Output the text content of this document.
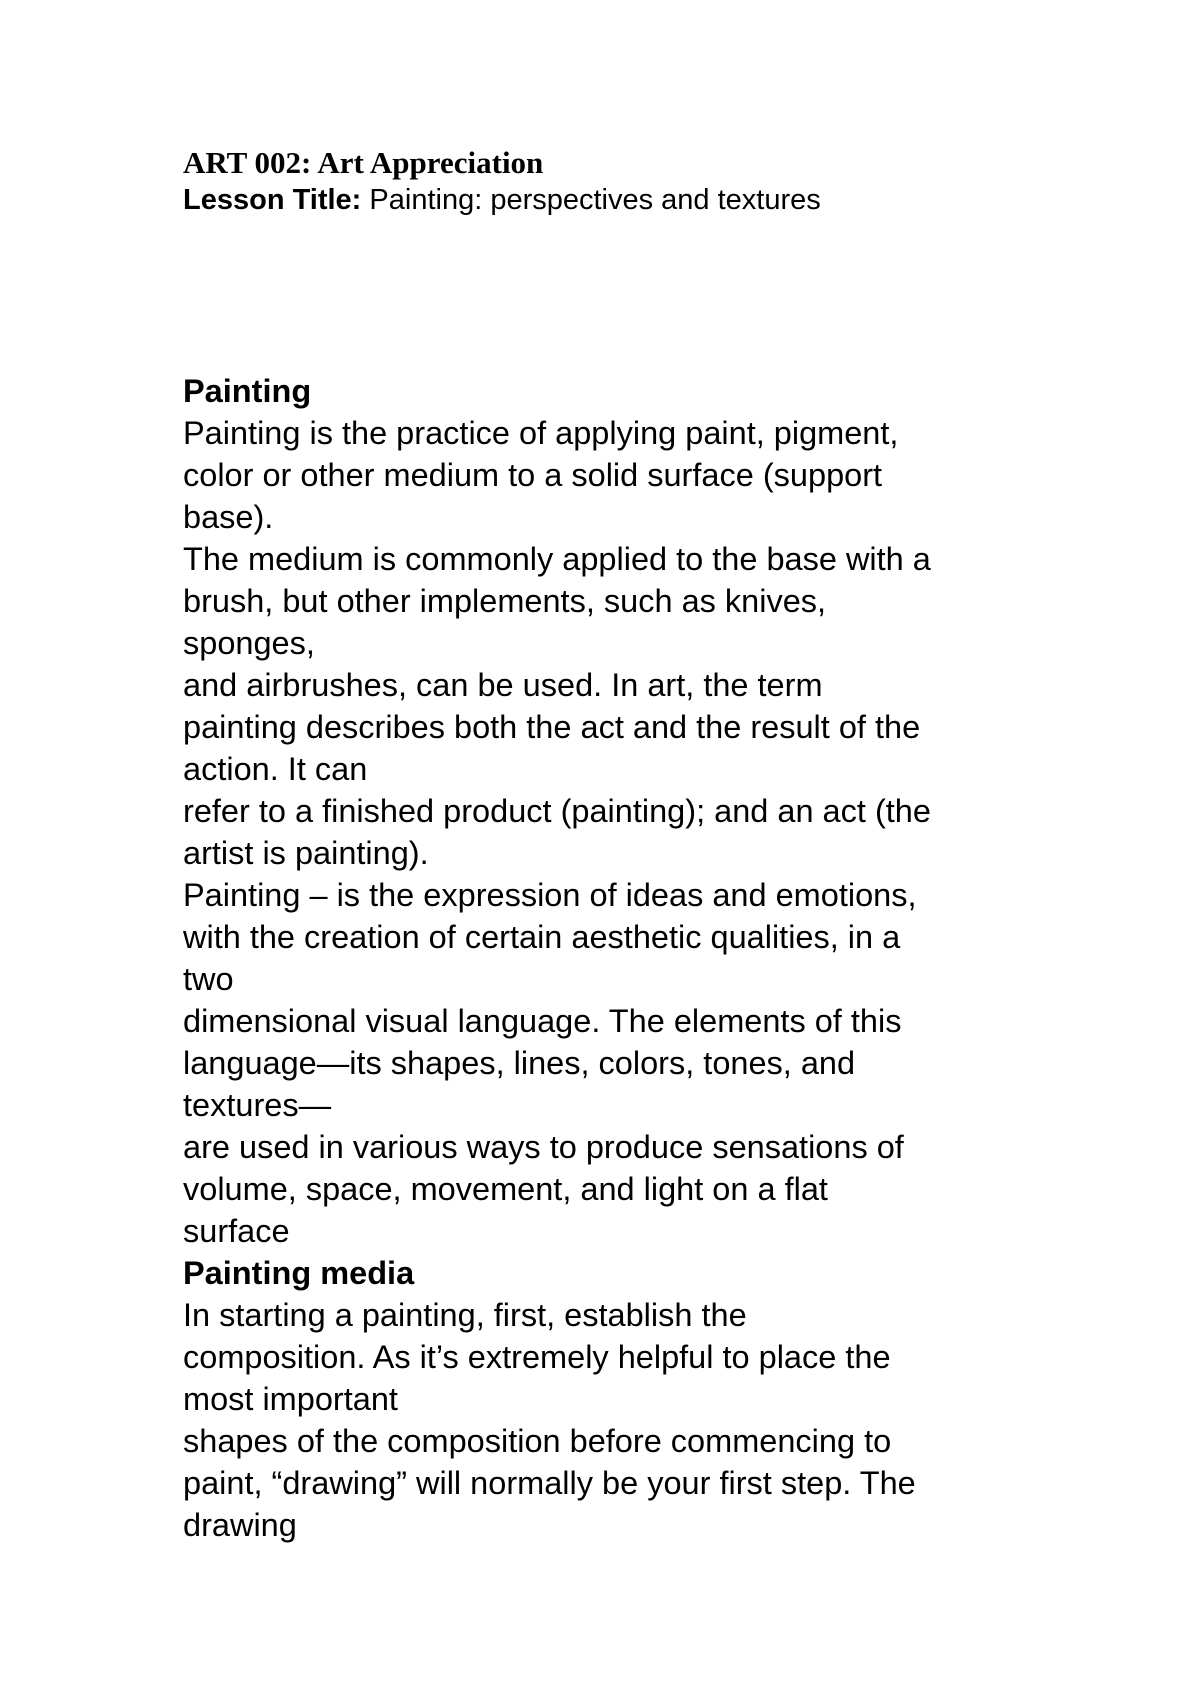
ART 002: Art Appreciation
Lesson Title: Painting: perspectives and textures
Painting
Painting is the practice of applying paint, pigment,
color or other medium to a solid surface (support
base).
The medium is commonly applied to the base with a
brush, but other implements, such as knives,
sponges,
and airbrushes, can be used. In art, the term
painting describes both the act and the result of the
action. It can
refer to a finished product (painting); and an act (the
artist is painting).
Painting – is the expression of ideas and emotions,
with the creation of certain aesthetic qualities, in a
two
dimensional visual language. The elements of this
language—its shapes, lines, colors, tones, and
textures—
are used in various ways to produce sensations of
volume, space, movement, and light on a flat
surface
Painting media
In starting a painting, first, establish the
composition. As it’s extremely helpful to place the
most important
shapes of the composition before commencing to
paint, “drawing” will normally be your first step. The
drawing
